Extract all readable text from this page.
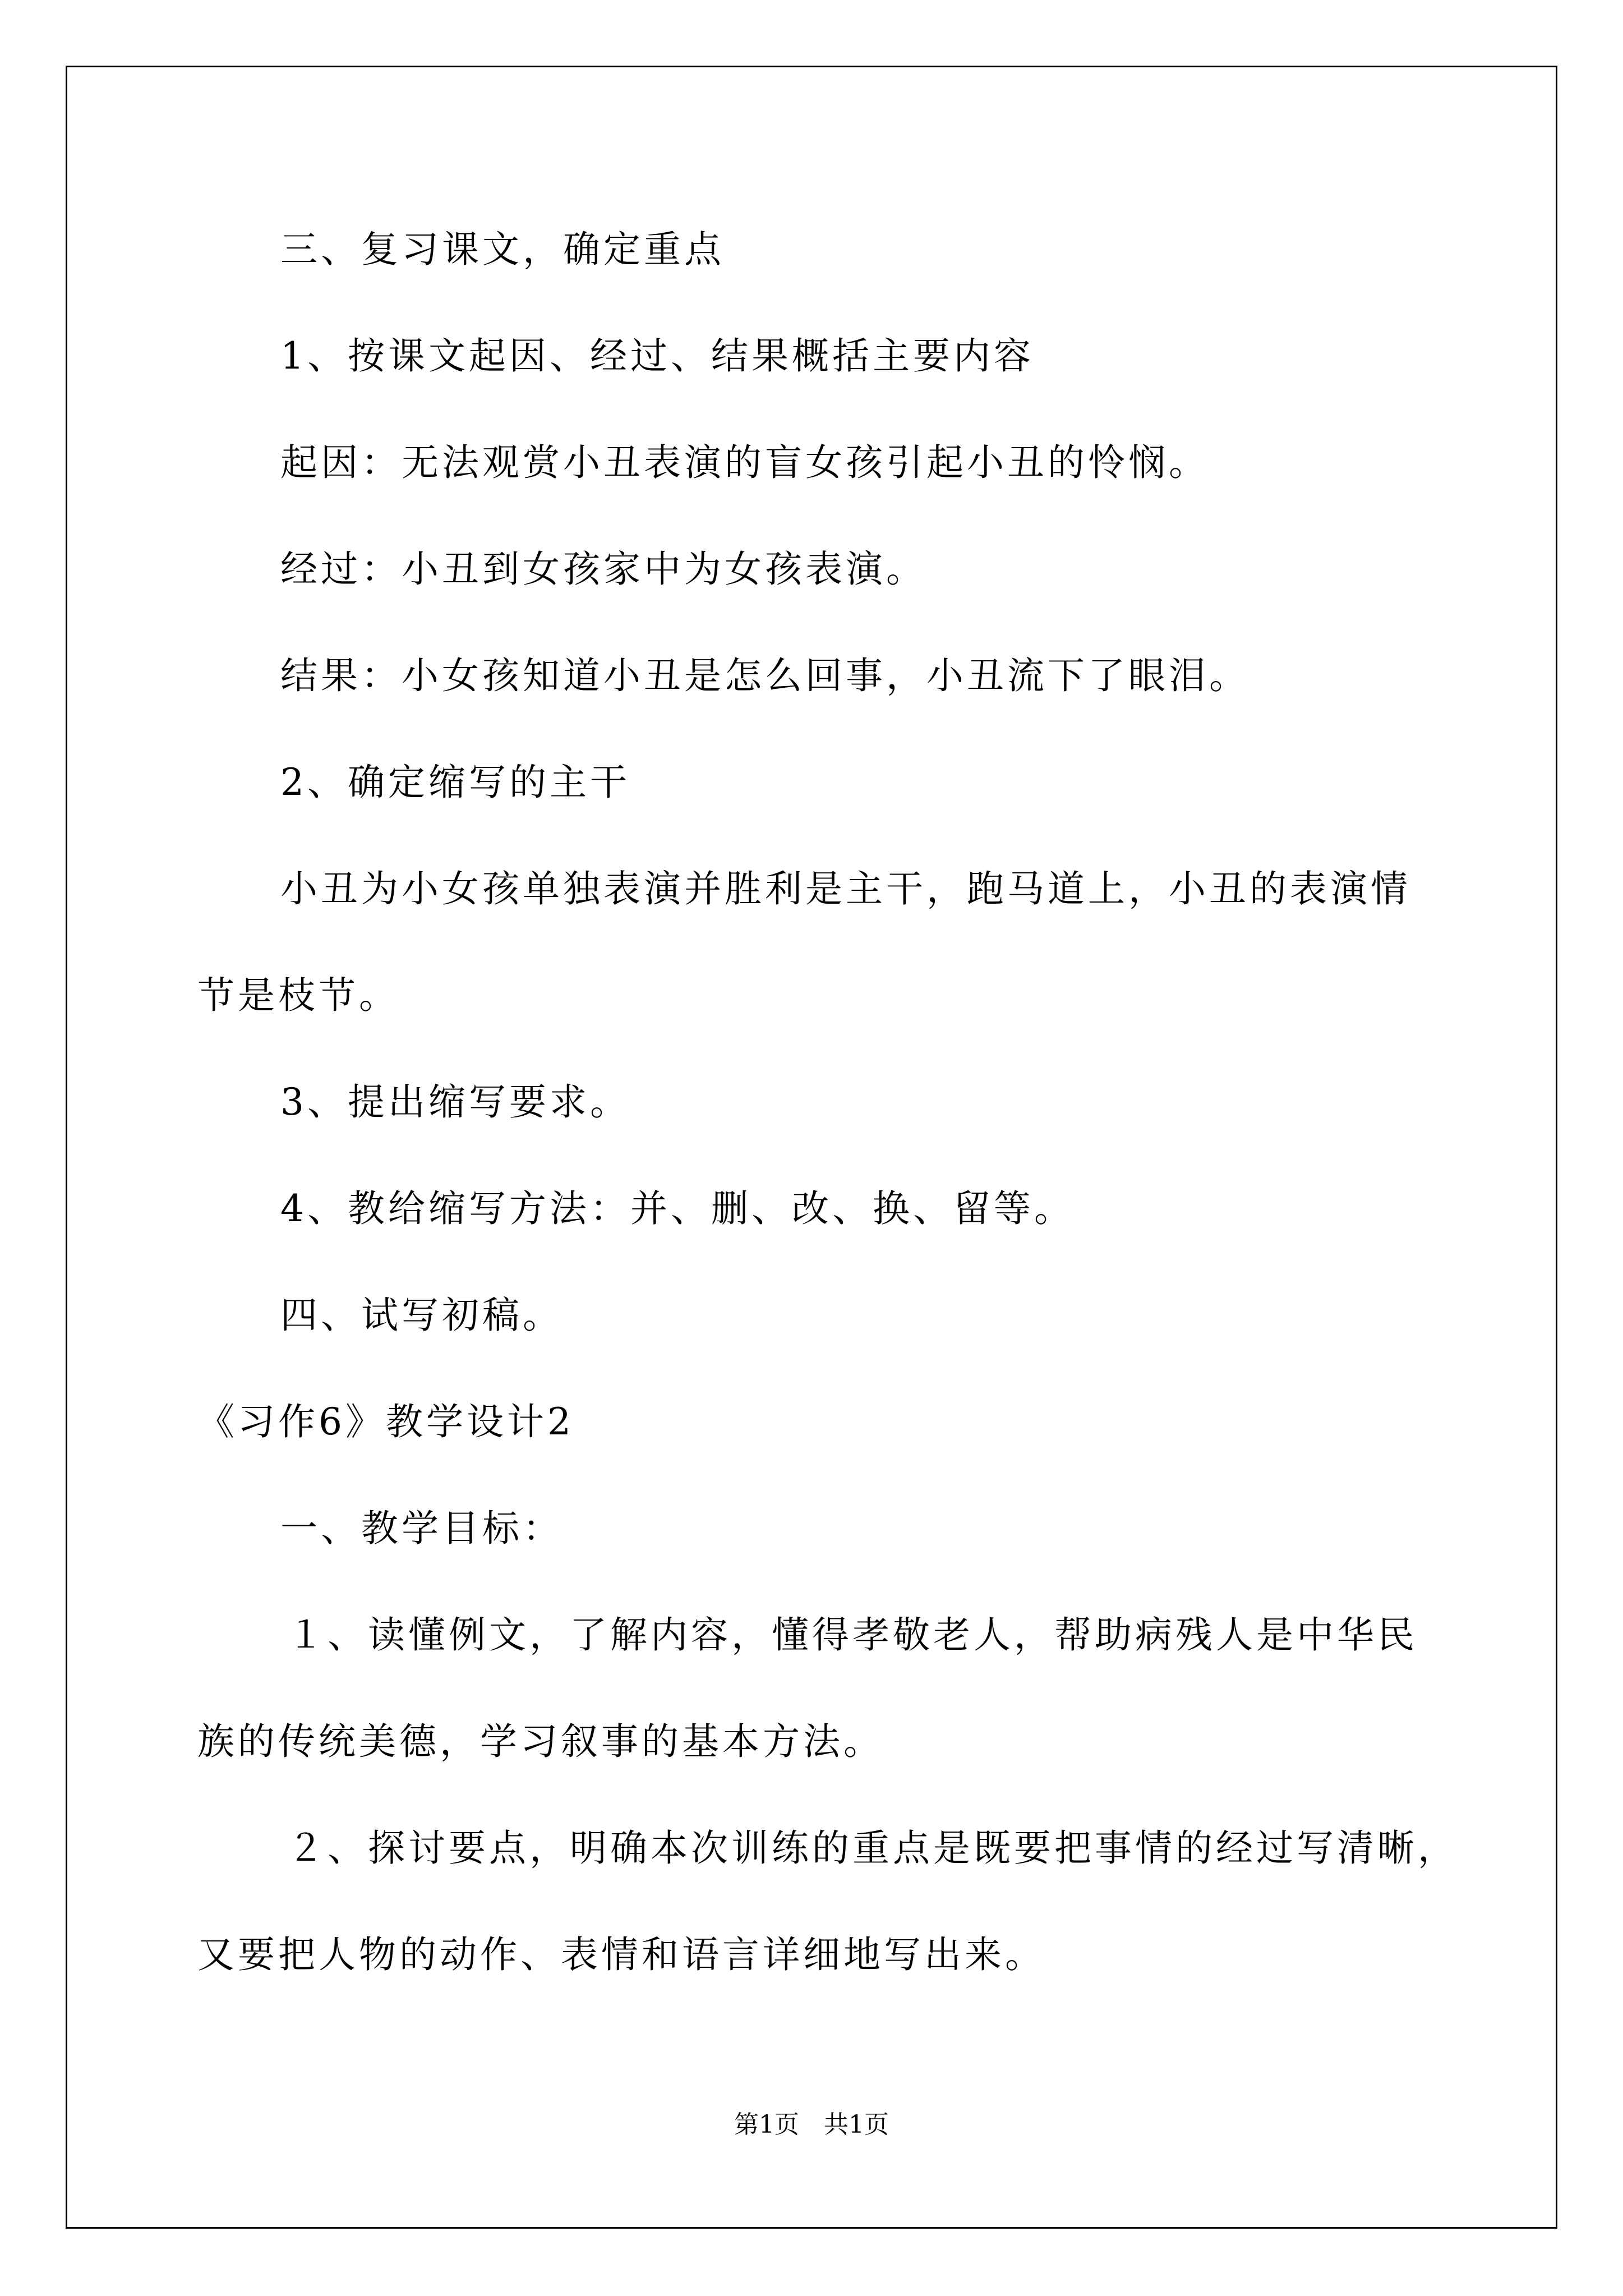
三、复习课文，确定重点
1、按课文起因、经过、结果概括主要内容
起因：无法观赏小丑表演的盲女孩引起小丑的怜悯。
经过：小丑到女孩家中为女孩表演。
结果：小女孩知道小丑是怎么回事，小丑流下了眼泪。
2、确定缩写的主干
小丑为小女孩单独表演并胜利是主干，跑马道上，小丑的表演情
节是枝节。
3、提出缩写要求。
4、教给缩写方法：并、删、改、换、留等。
四、试写初稿。
《习作6》教学设计2
一、教学目标：
１、读懂例文，了解内容，懂得孝敬老人，帮助病残人是中华民
族的传统美德，学习叙事的基本方法。
２、探讨要点，明确本次训练的重点是既要把事情的经过写清晰，
又要把人物的动作、表情和语言详细地写出来。
第1页　共1页
